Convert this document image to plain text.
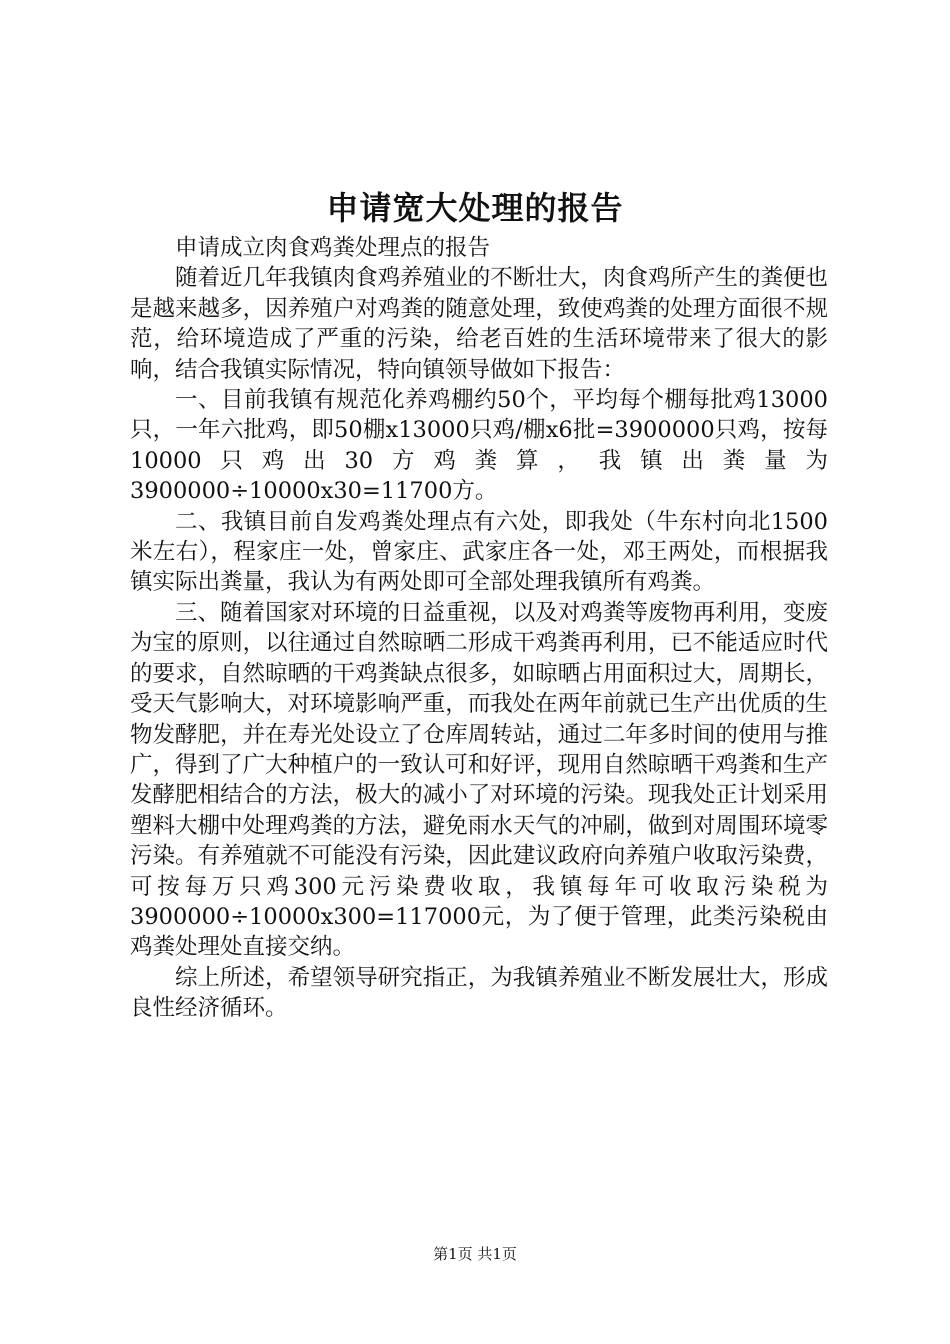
申请宽大处理的报告

申请成立肉食鸡粪处理点的报告

随着近几年我镇肉食鸡养殖业的不断壮大，肉食鸡所产生的粪便也是越来越多，因养殖户对鸡粪的随意处理，致使鸡粪的处理方面很不规范，给环境造成了严重的污染，给老百姓的生活环境带来了很大的影响，结合我镇实际情况，特向镇领导做如下报告：

一、目前我镇有规范化养鸡棚约50个，平均每个棚每批鸡13000只，一年六批鸡，即50棚x13000只鸡/棚x6批=3900000只鸡，按每10000只鸡出30方鸡粪算，我镇出粪量为3900000÷10000x30=11700方。

二、我镇目前自发鸡粪处理点有六处，即我处（牛东村向北1500米左右），程家庄一处，曾家庄、武家庄各一处，邓王两处，而根据我镇实际出粪量，我认为有两处即可全部处理我镇所有鸡粪。

三、随着国家对环境的日益重视，以及对鸡粪等废物再利用，变废为宝的原则，以往通过自然晾晒二形成干鸡粪再利用，已不能适应时代的要求，自然晾晒的干鸡粪缺点很多，如晾晒占用面积过大，周期长，受天气影响大，对环境影响严重，而我处在两年前就已生产出优质的生物发酵肥，并在寿光处设立了仓库周转站，通过二年多时间的使用与推广，得到了广大种植户的一致认可和好评，现用自然晾晒干鸡粪和生产发酵肥相结合的方法，极大的减小了对环境的污染。现我处正计划采用塑料大棚中处理鸡粪的方法，避免雨水天气的冲刷，做到对周围环境零污染。有养殖就不可能没有污染，因此建议政府向养殖户收取污染费，可按每万只鸡300元污染费收取，我镇每年可收取污染税为3900000÷10000x300=117000元，为了便于管理，此类污染税由鸡粪处理处直接交纳。

综上所述，希望领导研究指正，为我镇养殖业不断发展壮大，形成良性经济循环。

第1页 共1页
